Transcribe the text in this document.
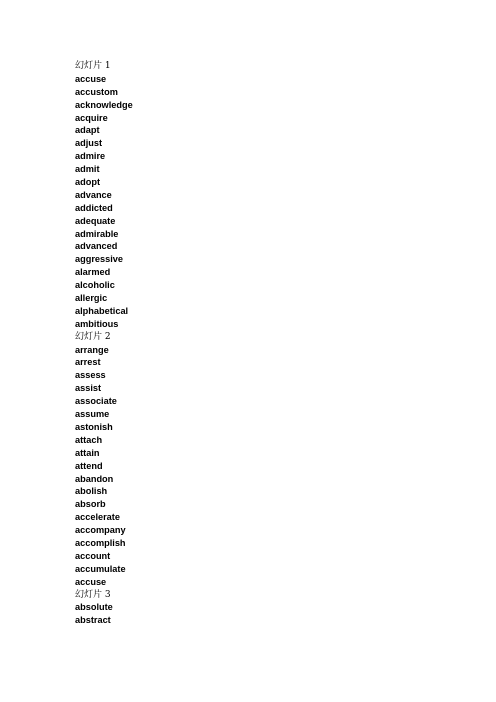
幻灯片 1
accuse
accustom
acknowledge
acquire
adapt
adjust
admire
admit
adopt
advance
addicted
adequate
admirable
advanced
aggressive
alarmed
alcoholic
allergic
alphabetical
ambitious
幻灯片 2
arrange
arrest
assess
assist
associate
assume
astonish
attach
attain
attend
abandon
abolish
absorb
accelerate
accompany
accomplish
account
accumulate
accuse
幻灯片 3
absolute
abstract
